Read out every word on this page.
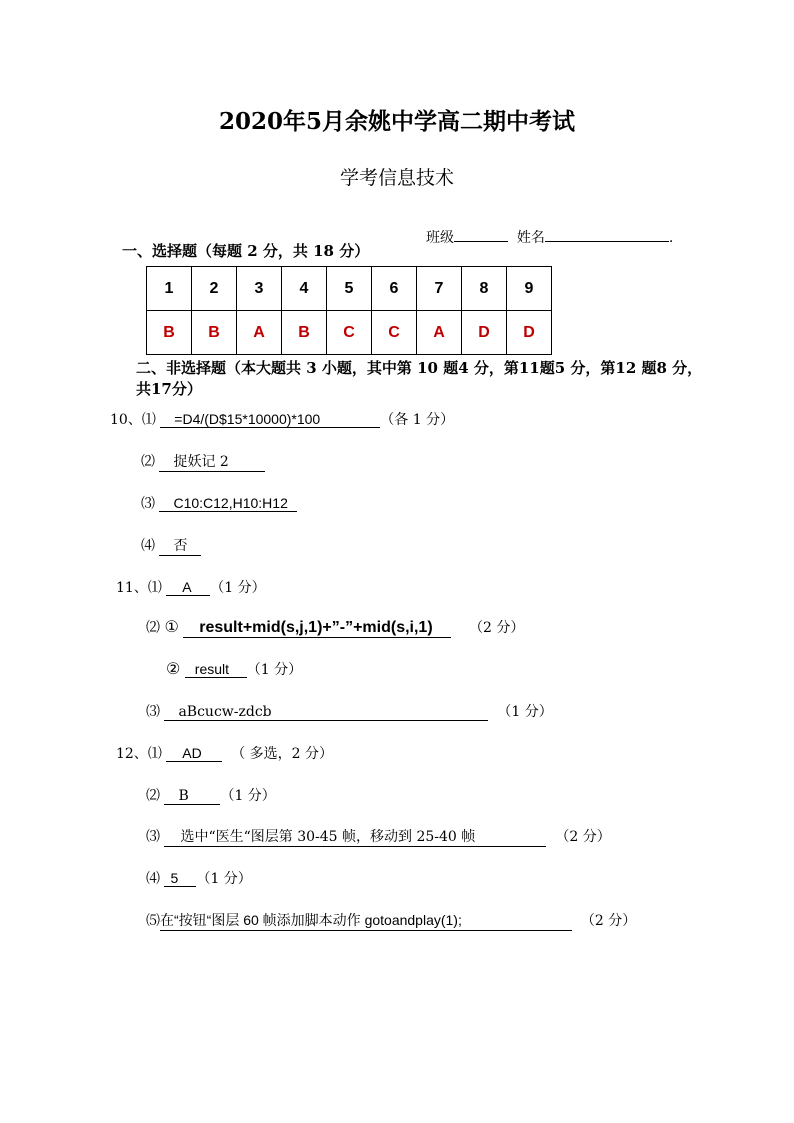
2020年5月余姚中学高二期中考试
学考信息技术
班级	姓名	.
一、选择题（每题 2 分，共 18 分）
1	2	3	4	5	6	7	8	9
B	B	A	B	C	C	A	D	D
二、非选择题（本大题共 3 小题，其中第 10 题4 分，第11题5 分，第12 题8 分，
共17分）
10、⑴ =D4/(D$15*10000)*100	（各 1 分）
⑵ 捉妖记 2
⑶ C10:C12,H10:H12
⑷ 否
11、⑴ A （1 分）
⑵ ① result+mid(s,j,1)+”-”+mid(s,i,1)	（2 分）
② result （1 分）
⑶ aBcucw-zdcb	（1 分）
12、⑴ AD （ 多选，2 分）
⑵ B （1 分）
⑶ 选中“医生“图层第 30-45 帧，移动到 25-40 帧	（2 分）
⑷ 5 （1 分）
⑸在“按钮“图层 60 帧添加脚本动作 gotoandplay(1);	（2 分）
